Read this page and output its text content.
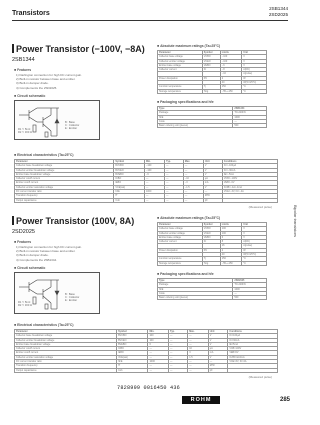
Transistors
2SB1344
2SD2025
Power Transistor (−100V, −8A)
2SB1344
■ Features
1) Darlington connection for high DC current gain.
2) Built-in resistor between base and emitter.
3) Built-in damper diode.
4) Complements the 2SD2025.
■ Circuit schematic
R1 ≒ 5k Ω
R2 ≒ 300 Ω
B : Base
C : Collector
E : Emitter
■ Absolute maximum ratings (Ta=25°C)
Parameter	Symbol	Limits	Unit
Collector-base voltage	VCBO	−100	V
Collector-emitter voltage	VCEO	−100	V
Emitter-base voltage	VEBO	−6	V
Collector current	IC	−8	A(DC)
		−16	A(pulse)
Power dissipation	PC	2	W
		40	W(Tc=25°C)
Junction temperature	Tj	150	°C
Storage temperature	Tstg	−55~+150	°C
■ Packaging specifications and hfe
Type	2SB1344
Package	TO-220FN
hFE	1000
Code	—
Basic ordering unit (pieces)	500
■ Electrical characteristics (Ta=25°C)
Parameter	Symbol	Min.	Typ.	Max.	Unit	Conditions
Collector-base breakdown voltage	BVCBO	−100	—	—	V	IC=−100μA
Collector-emitter breakdown voltage	BVCEO	−100	—	—	V	IC=−30mA
Emitter-base breakdown voltage	BVEBO	−6	—	—	V	IE=−5mA
Collector cutoff current	ICBO	—	—	−10	μA	VCB=−100V
Emitter cutoff current	IEBO	—	—	−3	mA	VEB=−6V
Collector-emitter saturation voltage	VCE(sat)	—	—	−1.5	V	IC/IB=−4A/−4mA
DC current transfer ratio	hFE	1000	—	—	—	VCE=−3V, IC=−4A
Transition frequency	fT	—	—	—	MHz	
Output capacitance	Cob	—	—	—	pF	
(Measured pulse)
Power Transistor (100V, 8A)
2SD2025
■ Features
1) Darlington connection for high DC current gain.
2) Built-in resistor between base and emitter.
3) Built-in damper diode.
4) Complements the 2SB1344.
■ Circuit schematic
R1 ≒ 5k Ω
R2 ≒ 300 Ω
B : Base
C : Collector
E : Emitter
■ Absolute maximum ratings (Ta=25°C)
Parameter	Symbol	Limits	Unit
Collector-base voltage	VCBO	100	V
Collector-emitter voltage	VCEO	100	V
Emitter-base voltage	VEBO	6	V
Collector current	IC	8	A(DC)
		16	A(pulse)
Power dissipation	PC	2	W
		40	W(Tc=25°C)
Junction temperature	Tj	150	°C
Storage temperature	Tstg	−55~+150	°C
■ Packaging specifications and hfe
Type	2SD2025
Package	TO-220FN
hFE	1000
Code	—
Basic ordering unit (pieces)	500
■ Electrical characteristics (Ta=25°C)
Parameter	Symbol	Min.	Typ.	Max.	Unit	Conditions
Collector-base breakdown voltage	BVCBO	100	—	—	V	IC=100μA
Collector-emitter breakdown voltage	BVCEO	100	—	—	V	IC=30mA
Emitter-base breakdown voltage	BVEBO	6	—	—	V	IE=5mA
Collector cutoff current	ICBO	—	—	10	μA	VCB=100V
Emitter cutoff current	IEBO	—	—	3	mA	VEB=6V
Collector-emitter saturation voltage	VCE(sat)	—	—	1.5	V	IC/IB=4A/4mA
DC current transfer ratio	hFE	1000	—	—	—	VCE=3V, IC=4A
Transition frequency	fT	—	—	—	MHz	
Output capacitance	Cob	—	—	—	pF	
(Measured pulse)
Bipolar transistors
7828999 0016450 436
ROHM	285
